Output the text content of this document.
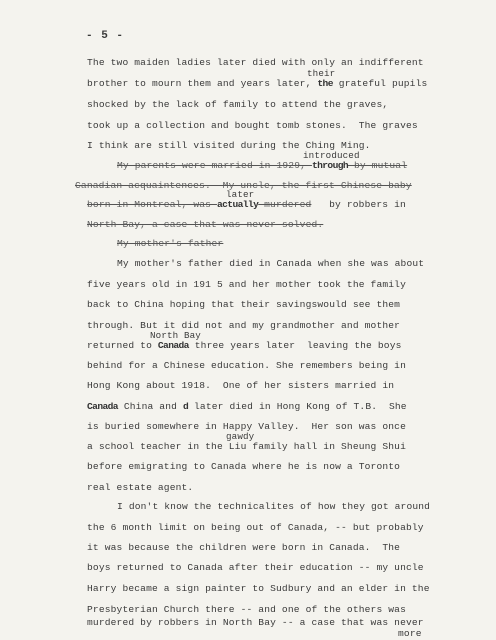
- 5 -
The two maiden ladies later died with only an indifferent
their
brother to mourn them and years later, the grateful pupils
shocked by the lack of family to attend the graves,
took up a collection and bought tomb stones.  The graves
I think are still visited during the Ching Ming.
introduced
My parents were married in 1929, through by mutual
Canadian acquaintences.  My uncle, the first Chinese baby
later
born in Montreal, was actually murdered   by robbers in
North Bay, a case that was never solved.
My mother's father
My mother's father died in Canada when she was about
five years old in 191 5 and her mother took the family
back to China hoping that their savingswould see them
through. But it did not and my grandmother and mother
North Bay
returned to Canada three years later  leaving the boys
behind for a Chinese education. She remembers being in
Hong Kong about 1918.  One of her sisters married in
Canada China and d later died in Hong Kong of T.B.  She
is buried somewhere in Happy Valley.  Her son was once
gawdy
a school teacher in the Liu family hall in Sheung Shui
before emigrating to Canada where he is now a Toronto
real estate agent.
I don't know the technicalites of how they got around
the 6 month limit on being out of Canada, -- but probably
it was because the children were born in Canada.  The
boys returned to Canada after their education -- my uncle
Harry became a sign painter to Sudbury and an elder in the
Presbyterian Church there -- and one of the others was
murdered by robbers in North Bay -- a case that was never
more
